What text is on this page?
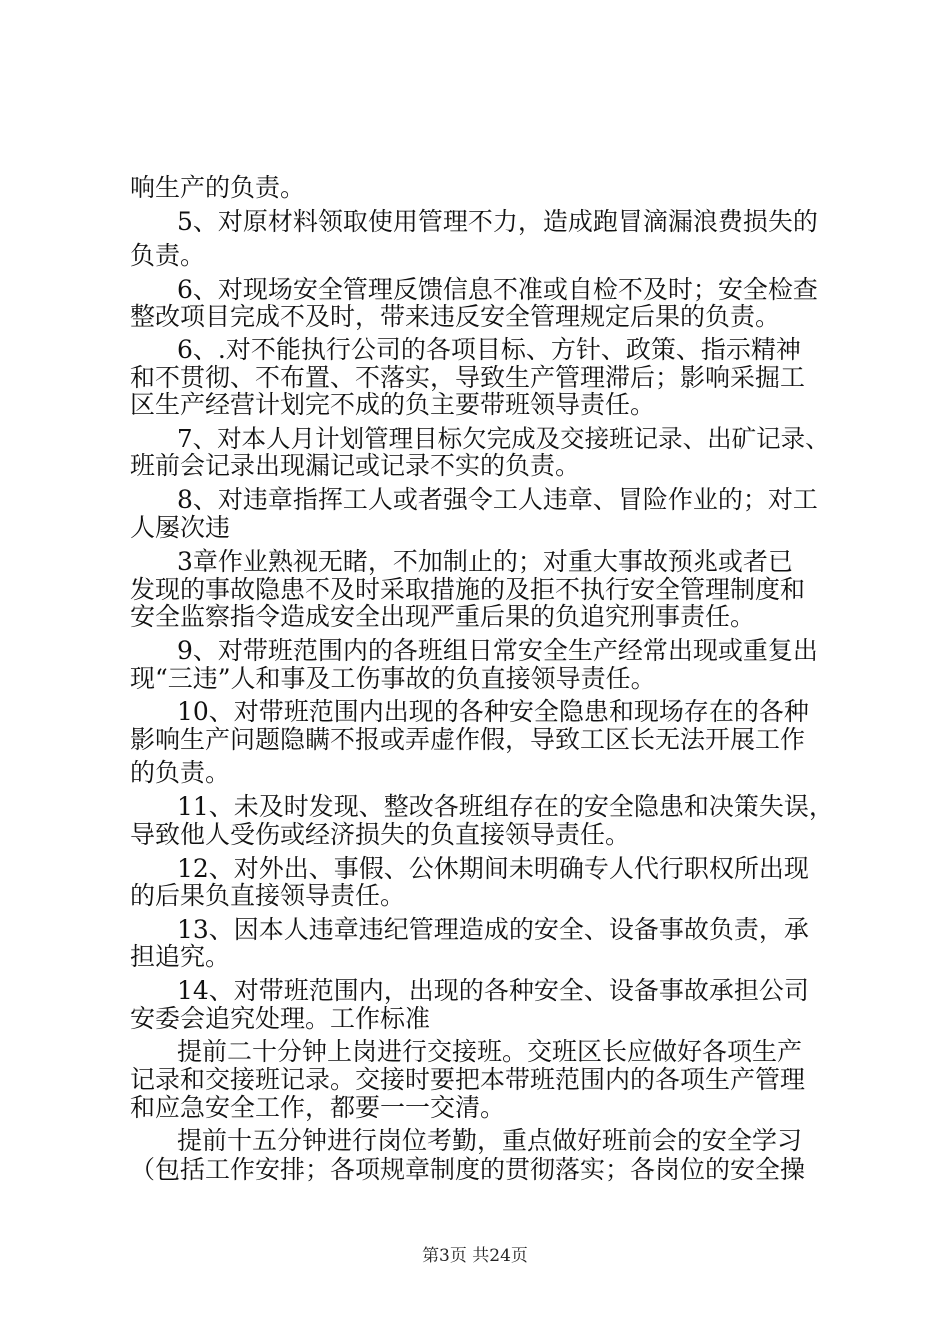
响生产的负责。
5、对原材料领取使用管理不力，造成跑冒滴漏浪费损失的
负责。
6、对现场安全管理反馈信息不准或自检不及时；安全检查
整改项目完成不及时，带来违反安全管理规定后果的负责。
6、.对不能执行公司的各项目标、方针、政策、指示精神
和不贯彻、不布置、不落实，导致生产管理滞后；影响采掘工
区生产经营计划完不成的负主要带班领导责任。
7、对本人月计划管理目标欠完成及交接班记录、出矿记录、
班前会记录出现漏记或记录不实的负责。
8、对违章指挥工人或者强令工人违章、冒险作业的；对工
人屡次违
3章作业熟视无睹，不加制止的；对重大事故预兆或者已
发现的事故隐患不及时采取措施的及拒不执行安全管理制度和
安全监察指令造成安全出现严重后果的负追究刑事责任。
9、对带班范围内的各班组日常安全生产经常出现或重复出
现“三违”人和事及工伤事故的负直接领导责任。
10、对带班范围内出现的各种安全隐患和现场存在的各种
影响生产问题隐瞒不报或弄虚作假，导致工区长无法开展工作
的负责。
11、未及时发现、整改各班组存在的安全隐患和决策失误，
导致他人受伤或经济损失的负直接领导责任。
12、对外出、事假、公休期间未明确专人代行职权所出现
的后果负直接领导责任。
13、因本人违章违纪管理造成的安全、设备事故负责，承
担追究。
14、对带班范围内，出现的各种安全、设备事故承担公司
安委会追究处理。工作标准
提前二十分钟上岗进行交接班。交班区长应做好各项生产
记录和交接班记录。交接时要把本带班范围内的各项生产管理
和应急安全工作，都要一一交清。
提前十五分钟进行岗位考勤，重点做好班前会的安全学习
（包括工作安排；各项规章制度的贯彻落实；各岗位的安全操
第3页 共24页
